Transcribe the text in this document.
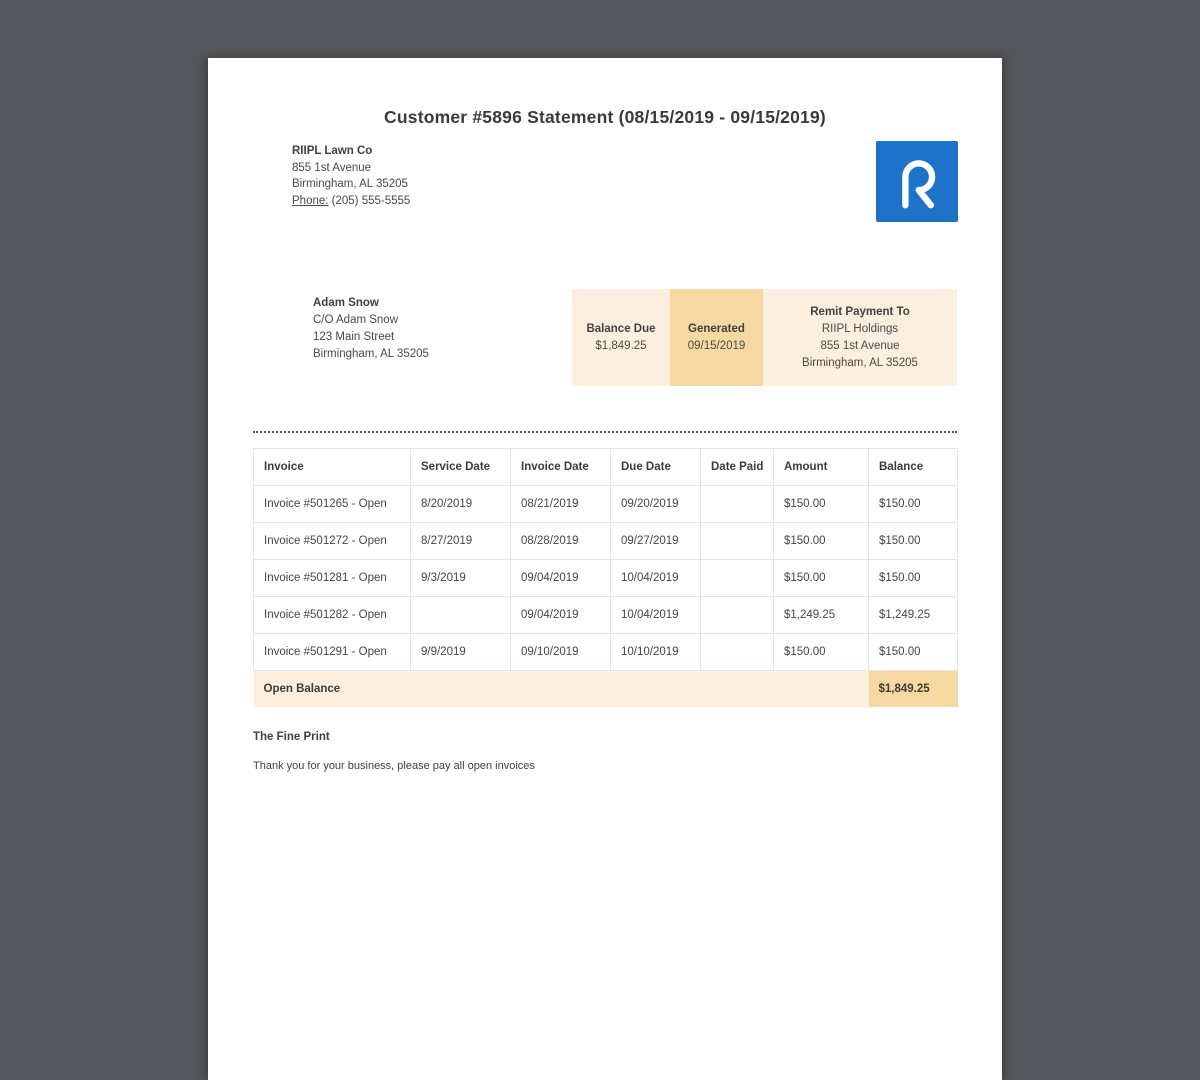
Customer #5896 Statement (08/15/2019 - 09/15/2019)
RIIPL Lawn Co
855 1st Avenue
Birmingham, AL 35205
Phone: (205) 555-5555
Adam Snow
C/O Adam Snow
123 Main Street
Birmingham, AL 35205
Balance Due
$1,849.25
Generated
09/15/2019
Remit Payment To
RIIPL Holdings
855 1st Avenue
Birmingham, AL 35205
Invoice	Service Date	Invoice Date	Due Date	Date Paid	Amount	Balance
Invoice #501265 - Open	8/20/2019	08/21/2019	09/20/2019		$150.00	$150.00
Invoice #501272 - Open	8/27/2019	08/28/2019	09/27/2019		$150.00	$150.00
Invoice #501281 - Open	9/3/2019	09/04/2019	10/04/2019		$150.00	$150.00
Invoice #501282 - Open		09/04/2019	10/04/2019		$1,249.25	$1,249.25
Invoice #501291 - Open	9/9/2019	09/10/2019	10/10/2019		$150.00	$150.00
Open Balance						$1,849.25
The Fine Print
Thank you for your business, please pay all open invoices
